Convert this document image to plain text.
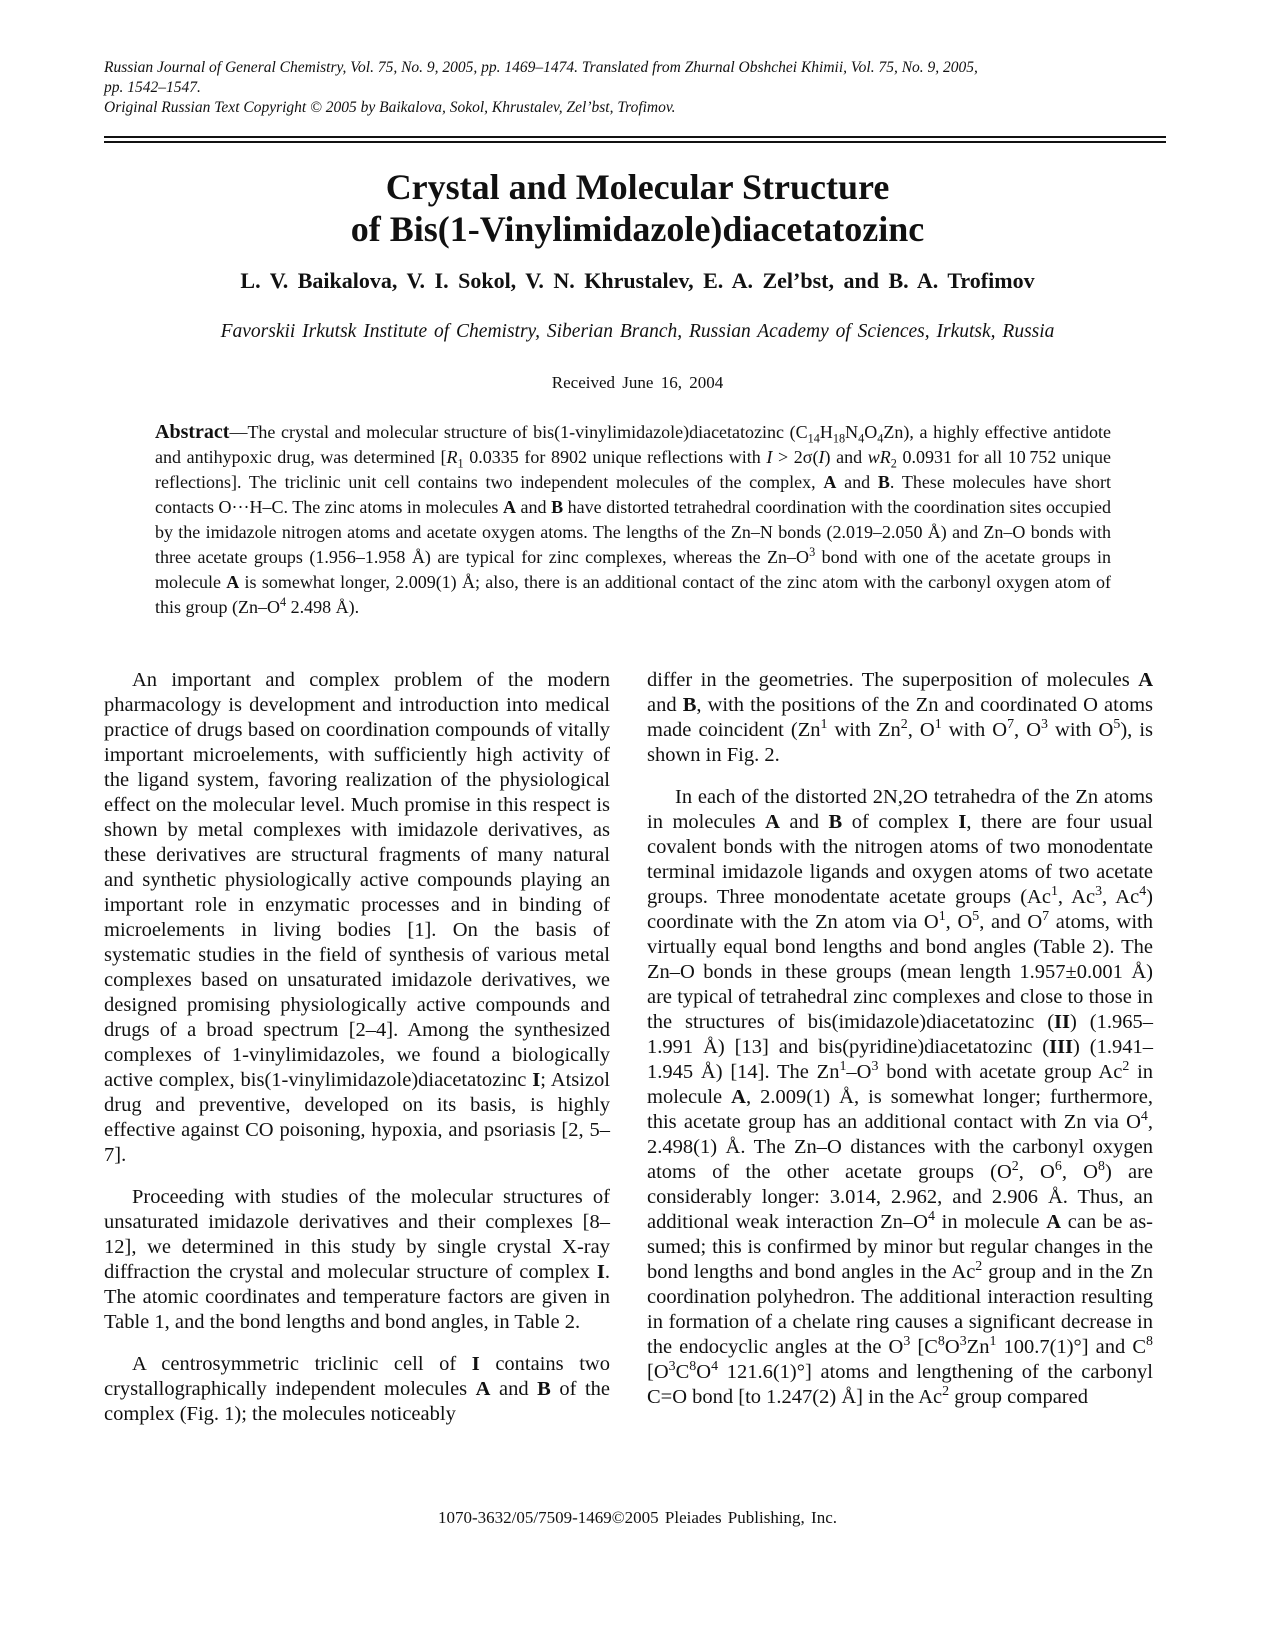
Russian Journal of General Chemistry, Vol. 75, No. 9, 2005, pp. 1469–1474. Translated from Zhurnal Obshchei Khimii, Vol. 75, No. 9, 2005,
pp. 1542–1547.
Original Russian Text Copyright © 2005 by Baikalova, Sokol, Khrustalev, Zel’bst, Trofimov.
Crystal and Molecular Structure
of Bis(1-Vinylimidazole)diacetatozinc
L. V. Baikalova, V. I. Sokol, V. N. Khrustalev, E. A. Zel’bst, and B. A. Trofimov
Favorskii Irkutsk Institute of Chemistry, Siberian Branch, Russian Academy of Sciences, Irkutsk, Russia
Received June 16, 2004
Abstract—The crystal and molecular structure of bis(1-vinylimidazole)diacetatozinc $(C_{14}H_{18}N_4O_4Zn)$, a highly effective antidote and antihypoxic drug, was determined [$R_1$ 0.0335 for 8902 unique reflections with I > 2σ(I) and $wR_2$ 0.0931 for all 10 752 unique reflections]. The triclinic unit cell contains two independent molecules of the complex, A and B. These molecules have short contacts O···H–C. The zinc atoms in molecules A and B have distorted tetrahedral coordination with the coordination sites occupied by the imidazole nitrogen atoms and acetate oxygen atoms. The lengths of the Zn–N bonds (2.019–2.050 Å) and Zn–O bonds with three acetate groups (1.956–1.958 Å) are typical for zinc complexes, whereas the $Zn-O^3$ bond with one of the acetate groups in molecule A is somewhat longer, 2.009(1) Å; also, there is an additional contact of the zinc atom with the carbonyl oxygen atom of this group ($Zn-O^4$ 2.498 Å).

An important and complex problem of the modern pharmacology is development and introduction into medical practice of drugs based on coordination compounds of vitally important microelements, with sufficiently high activity of the ligand system, favoring realization of the physiological effect on the molecular level. Much promise in this respect is shown by metal complexes with imidazole derivatives, as these derivatives are structural fragments of many natural and synthetic physiologically active compounds playing an important role in enzymatic processes and in binding of microelements in living bodies [1]. On the basis of systematic studies in the field of synthesis of various metal complexes based on unsaturated imidazole derivatives, we designed promising physiologically active compounds and drugs of a broad spectrum [2–4]. Among the synthesized complexes of 1-vinylimidazoles, we found a biologically active complex, bis(1-vinylimidazole)diacetatozinc I; Atsizol drug and preventive, developed on its basis, is highly effective against CO poisoning, hypoxia, and psoriasis [2, 5–7].

Proceeding with studies of the molecular structures of unsaturated imidazole derivatives and their complexes [8–12], we determined in this study by single crystal X-ray diffraction the crystal and molecular structure of complex I. The atomic coordinates and temperature factors are given in Table 1, and the bond lengths and bond angles, in Table 2.

A centrosymmetric triclinic cell of I contains two crystallographically independent molecules A and B of the complex (Fig. 1); the molecules noticeably

differ in the geometries. The superposition of molecules A and B, with the positions of the Zn and coordinated O atoms made coincident (Zn$^1$ with Zn$^2$, $O^1$ with $O^7$, $O^3$ with $O^5$), is shown in Fig. 2.

In each of the distorted 2N,2O tetrahedra of the Zn atoms in molecules A and B of complex I, there are four usual covalent bonds with the nitrogen atoms of two monodentate terminal imidazole ligands and oxygen atoms of two acetate groups. Three monodentate acetate groups (Ac$^1$, Ac$^3$, Ac$^4$) coordinate with the Zn atom via $O^1$, $O^5$, and $O^7$ atoms, with virtually equal bond lengths and bond angles (Table 2). The Zn–O bonds in these groups (mean length 1.957±0.001 Å) are typical of tetrahedral zinc complexes and close to those in the structures of bis(imidazole)diacetatozinc (II) (1.965–1.991 Å) [13] and bis(pyridine)diacetatozinc (III) (1.941–1.945 Å) [14]. The $Zn^1-O^3$ bond with acetate group Ac$^2$ in molecule A, 2.009(1) Å, is somewhat longer; furthermore, this acetate group has an additional contact with Zn via $O^4$, 2.498(1) Å. The Zn–O distances with the carbonyl oxygen atoms of the other acetate groups ($O^2$, $O^6$, $O^8$) are considerably longer: 3.014, 2.962, and 2.906 Å. Thus, an additional weak interaction $Zn-O^4$ in molecule A can be assumed; this is confirmed by minor but regular changes in the bond lengths and bond angles in the Ac$^2$ group and in the Zn coordination polyhedron. The additional interaction resulting in formation of a chelate ring causes a significant decrease in the endocyclic angles at the $O^3$ [$C^8O^3Zn^1$ 100.7(1)°] and $C^8$ [$O^3C^8O^4$ 121.6(1)°] atoms and lengthening of the carbonyl C=O bond [to 1.247(2) Å] in the Ac$^2$ group compared

1070-3632/05/7509-1469©2005 Pleiades Publishing, Inc.
